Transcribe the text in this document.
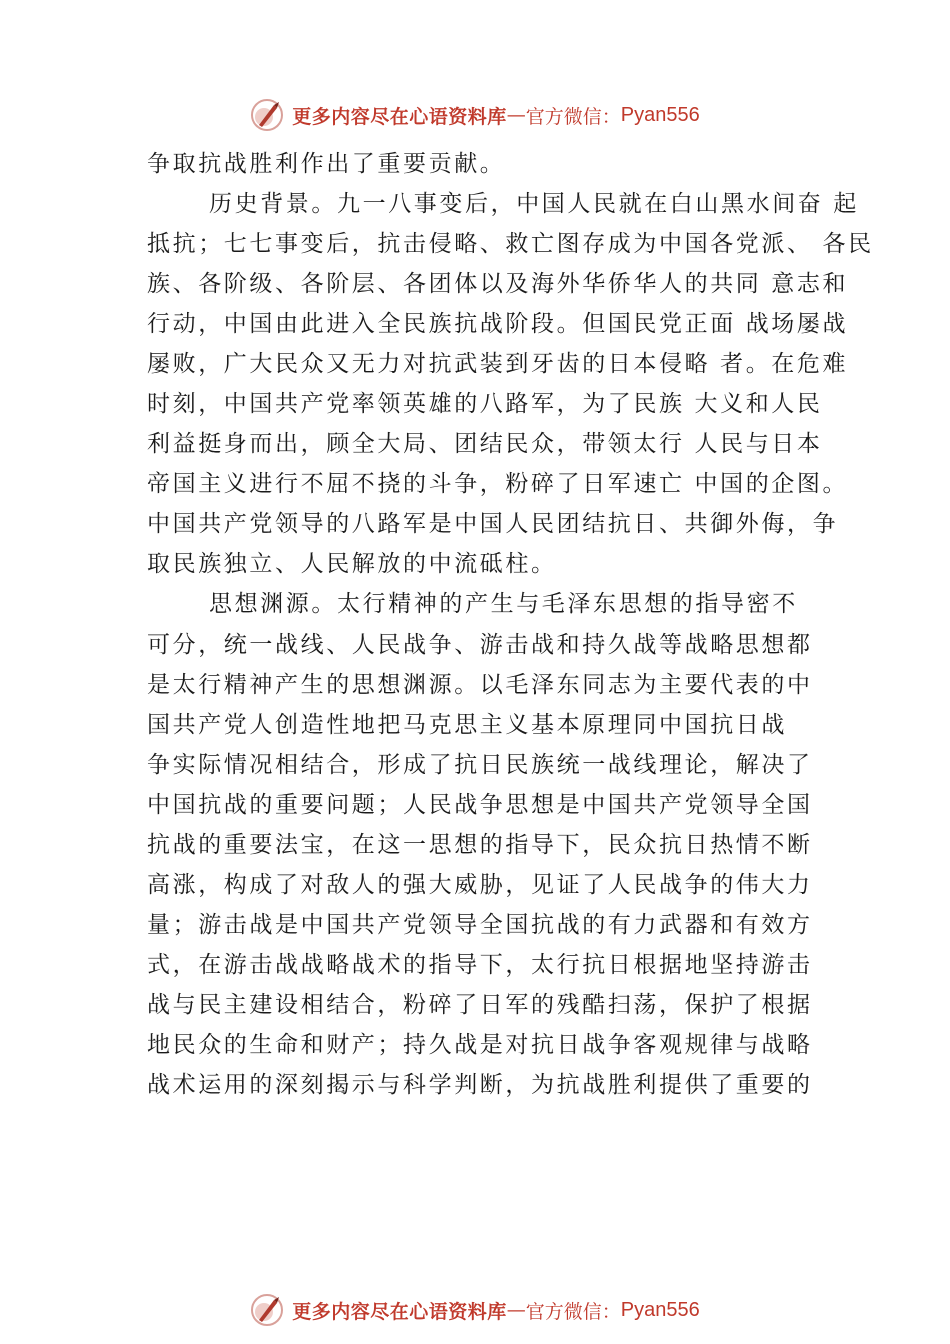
更多内容尽在心语资料库 — 官方微信： Pyan556
争取抗战胜利作出了重要贡献。
历史背景。九一八事变后，中国人民就在白山黑水间奋 起
抵抗；七七事变后，抗击侵略、救亡图存成为中国各党派、 各民
族、各阶级、各阶层、各团体以及海外华侨华人的共同 意志和
行动，中国由此进入全民族抗战阶段。但国民党正面 战场屡战
屡败，广大民众又无力对抗武装到牙齿的日本侵略 者。在危难
时刻，中国共产党率领英雄的八路军，为了民族 大义和人民
利益挺身而出，顾全大局、团结民众，带领太行 人民与日本
帝国主义进行不屈不挠的斗争，粉碎了日军速亡 中国的企图。
中国共产党领导的八路军是中国人民团结抗日、共御外侮，争
取民族独立、人民解放的中流砥柱。
思想渊源。太行精神的产生与毛泽东思想的指导密不
可分，统一战线、人民战争、游击战和持久战等战略思想都
是太行精神产生的思想渊源。以毛泽东同志为主要代表的中
国共产党人创造性地把马克思主义基本原理同中国抗日战
争实际情况相结合，形成了抗日民族统一战线理论，解决了
中国抗战的重要问题；人民战争思想是中国共产党领导全国
抗战的重要法宝，在这一思想的指导下，民众抗日热情不断
高涨，构成了对敌人的强大威胁，见证了人民战争的伟大力
量；游击战是中国共产党领导全国抗战的有力武器和有效方
式，在游击战战略战术的指导下，太行抗日根据地坚持游击
战与民主建设相结合，粉碎了日军的残酷扫荡，保护了根据
地民众的生命和财产；持久战是对抗日战争客观规律与战略
战术运用的深刻揭示与科学判断，为抗战胜利提供了重要的
更多内容尽在心语资料库 — 官方微信： Pyan556
